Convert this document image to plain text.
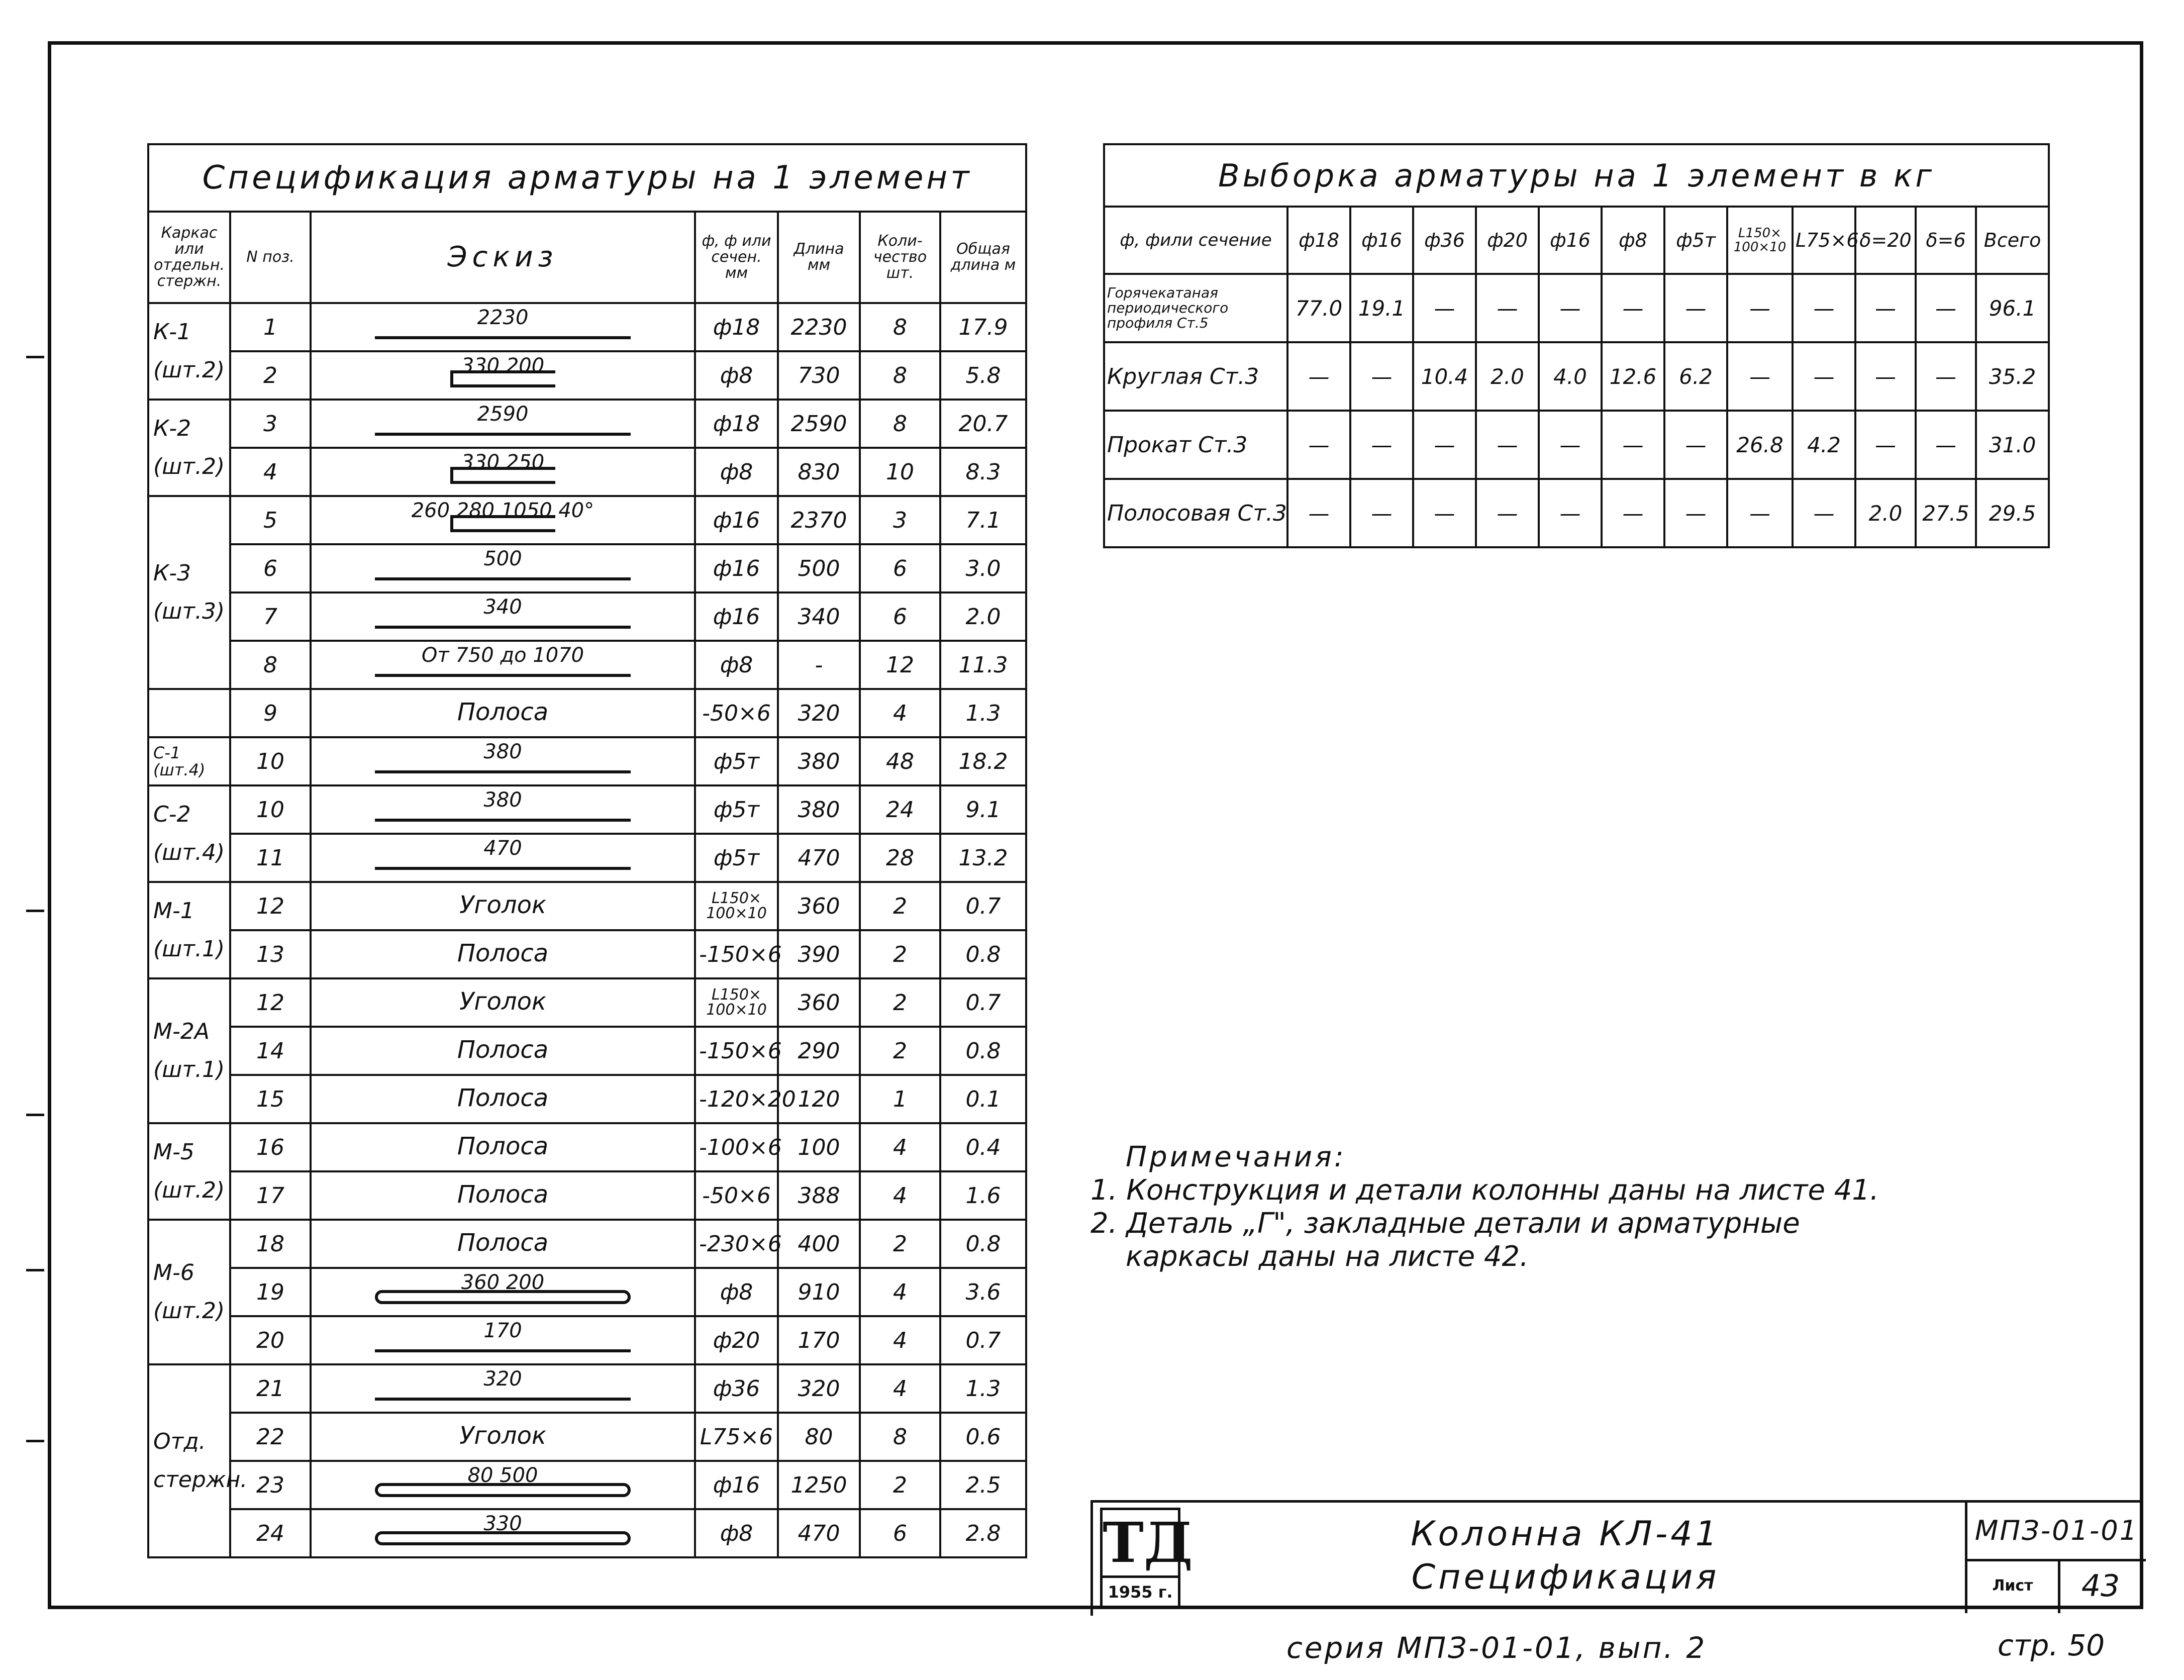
Спецификация арматуры на 1 элемент						
Каркас или отдельн. стержн.	N поз.	Эскиз	ф, ф или сечен. мм	Длина мм	Коли-чество шт.	Общая длина м
К-1 (шт.2)	1	2230	ф18	2230	8	17.9
	2	330 200	ф8	730	8	5.8
К-2 (шт.2)	3	2590	ф18	2590	8	20.7
	4	330 250	ф8	830	10	8.3
К-3 (шт.3)	5	260 280 1050 40°	ф16	2370	3	7.1
	6	500	ф16	500	6	3.0
	7	340	ф16	340	6	2.0
	8	От 750 до 1070	ф8	-	12	11.3
	9	Полоса	-50×6	320	4	1.3
С-1 (шт.4)	10	380	ф5т	380	48	18.2
С-2 (шт.4)	10	380	ф5т	380	24	9.1
	11	470	ф5т	470	28	13.2
М-1 (шт.1)	12	Уголок	L150× 100×10	360	2	0.7
	13	Полоса	-150×6	390	2	0.8
М-2А (шт.1)	12	Уголок	L150× 100×10	360	2	0.7
	14	Полоса	-150×6	290	2	0.8
	15	Полоса	-120×20	120	1	0.1
М-5 (шт.2)	16	Полоса	-100×6	100	4	0.4
	17	Полоса	-50×6	388	4	1.6
М-6 (шт.2)	18	Полоса	-230×6	400	2	0.8
	19	360 200	ф8	910	4	3.6
	20	170	ф20	170	4	0.7
Отд. стержн.	21	320	ф36	320	4	1.3
	22	Уголок	L75×6	80	8	0.6
	23	80 500	ф16	1250	2	2.5
	24	330	ф8	470	6	2.8
Выборка арматуры на 1 элемент в кг												
ф, фили сечение	ф18	ф16	ф36	ф20	ф16	ф8	ф5т	L150× 100×10	L75×6	δ=20	δ=6	Всего
Горячекатаная периодического профиля Ст.5	77.0	19.1	—	—	—	—	—	—	—	—	—	96.1
Круглая Ст.3	—	—	10.4	2.0	4.0	12.6	6.2	—	—	—	—	35.2
Прокат Ст.3	—	—	—	—	—	—	—	26.8	4.2	—	—	31.0
Полосовая Ст.3	—	—	—	—	—	—	—	—	—	2.0	27.5	29.5
Примечания:
1. Конструкция и детали колонны даны на листе 41.
2. Деталь „Г", закладные детали и арматурные
каркасы даны на листе 42.
ТД
1955 г.
Колонна КЛ-41
Спецификация
МПЗ-01-01
Лист	43
серия МПЗ-01-01, вып. 2	стр. 50
